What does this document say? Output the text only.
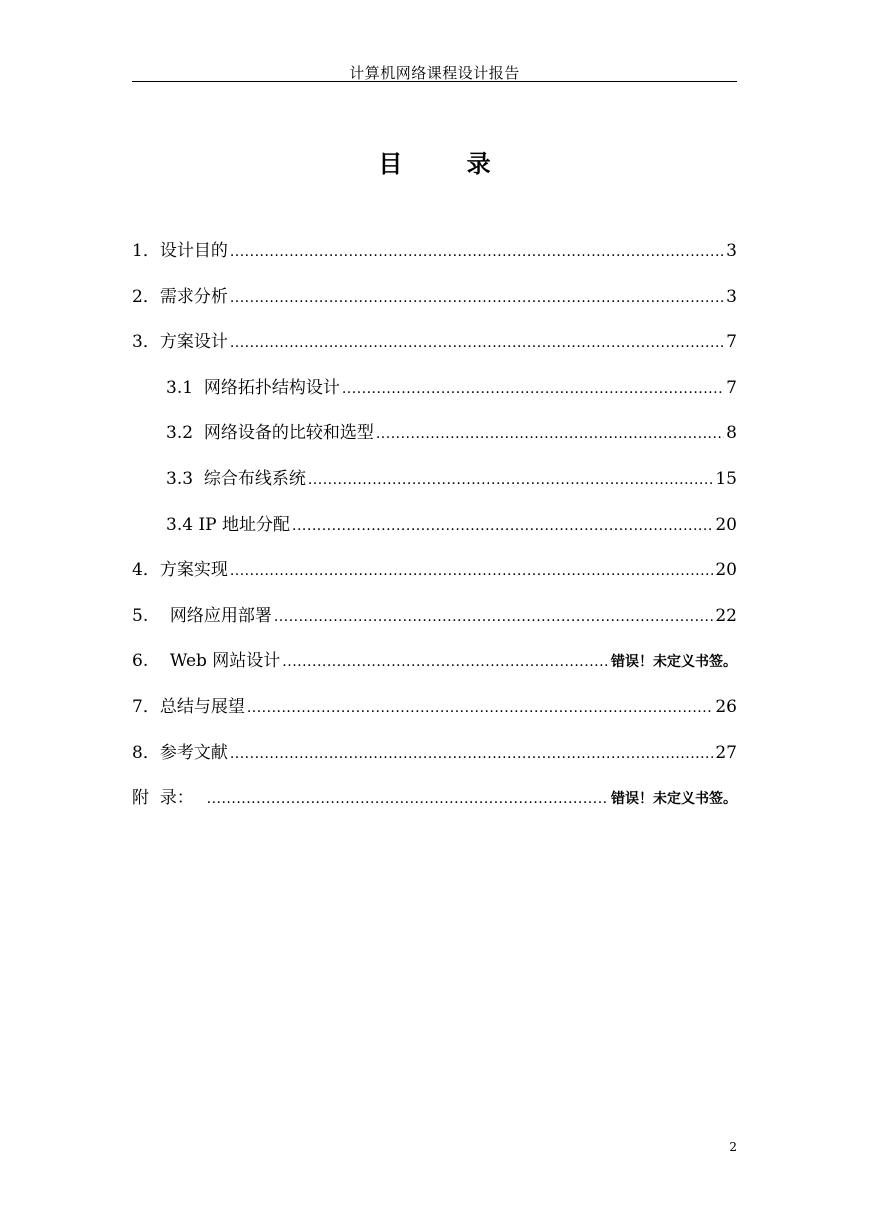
计算机网络课程设计报告
目 录
1．设计目的 .....	3
2．需求分析 .....	3
3．方案设计 .....	7
3.1 网络拓扑结构设计 .....	7
3.2 网络设备的比较和选型 .....	8
3.3 综合布线系统 .....	15
3.4 IP 地址分配 .....	20
4．方案实现 .....	20
5. 网络应用部署 .....	22
6. Web 网站设计 .....	错误！未定义书签。
7．总结与展望 .....	26
8．参考文献 .....	27
附 录： .....	错误！未定义书签。
2
